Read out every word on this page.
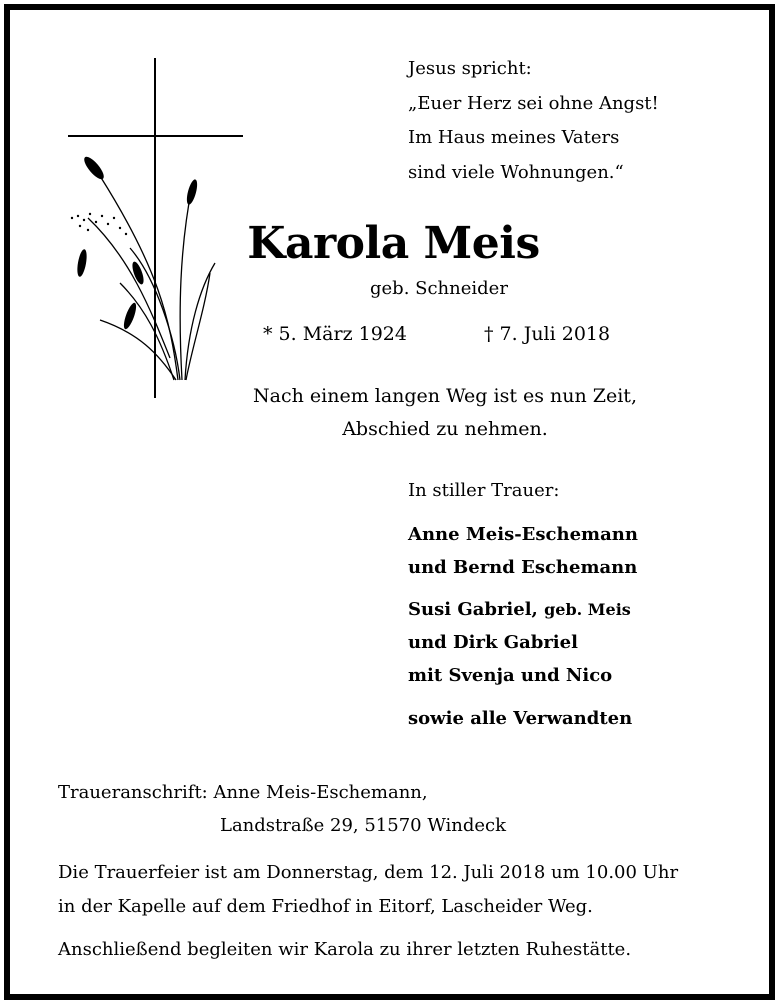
Jesus spricht:
„Euer Herz sei ohne Angst!
Im Haus meines Vaters
sind viele Wohnungen.“
Karola Meis
geb. Schneider
* 5. März 1924	† 7. Juli 2018
Nach einem langen Weg ist es nun Zeit,
Abschied zu nehmen.
In stiller Trauer:
Anne Meis-Eschemann
und Bernd Eschemann
Susi Gabriel, geb. Meis
und Dirk Gabriel
mit Svenja und Nico
sowie alle Verwandten
Traueranschrift: Anne Meis-Eschemann,
Landstraße 29, 51570 Windeck
Die Trauerfeier ist am Donnerstag, dem 12. Juli 2018 um 10.00 Uhr
in der Kapelle auf dem Friedhof in Eitorf, Lascheider Weg.
Anschließend begleiten wir Karola zu ihrer letzten Ruhestätte.
